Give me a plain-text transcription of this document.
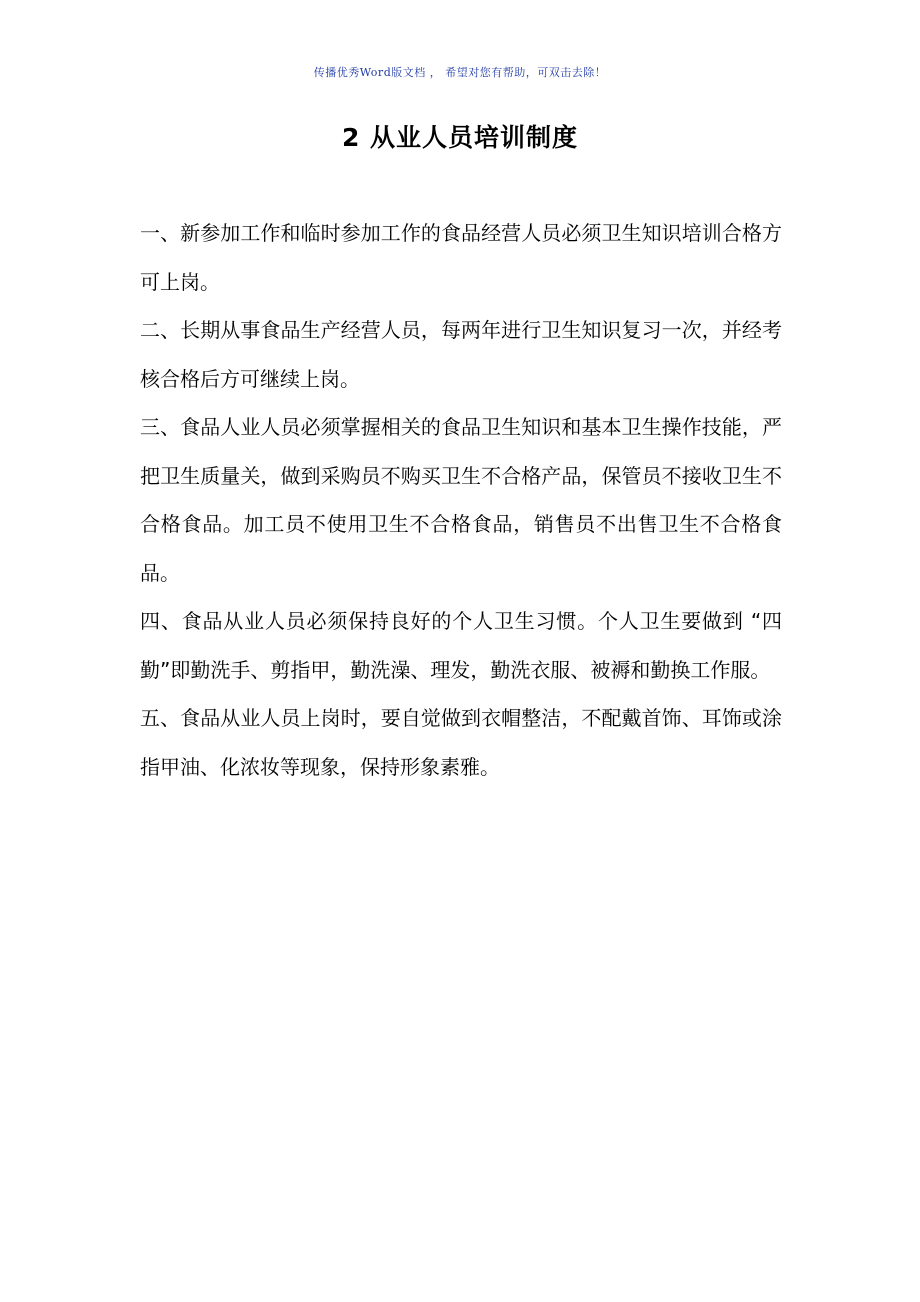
传播优秀Word版文档 ， 希望对您有帮助，可双击去除！
2 从业人员培训制度

一、新参加工作和临时参加工作的食品经营人员必须卫生知识培训合格方可上岗。

二、长期从事食品生产经营人员，每两年进行卫生知识复习一次，并经考核合格后方可继续上岗。

三、食品人业人员必须掌握相关的食品卫生知识和基本卫生操作技能，严把卫生质量关，做到采购员不购买卫生不合格产品，保管员不接收卫生不合格食品。加工员不使用卫生不合格食品，销售员不出售卫生不合格食品。

四、食品从业人员必须保持良好的个人卫生习惯。个人卫生要做到 “四勤”即勤洗手、剪指甲，勤洗澡、理发，勤洗衣服、被褥和勤换工作服。

五、食品从业人员上岗时，要自觉做到衣帽整洁，不配戴首饰、耳饰或涂指甲油、化浓妆等现象，保持形象素雅。
